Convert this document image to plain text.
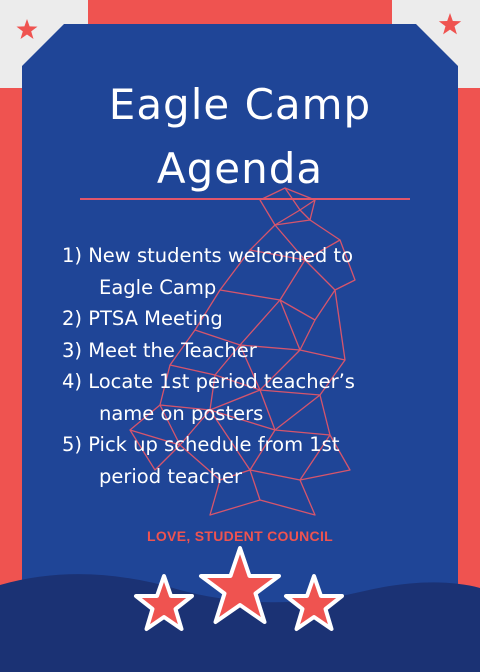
Eagle Camp
Agenda
1) New students welcomed to
Eagle Camp
2) PTSA Meeting
3) Meet the Teacher
4) Locate 1st period teacher’s
name on posters
5) Pick up schedule from 1st
period teacher
LOVE, STUDENT COUNCIL
